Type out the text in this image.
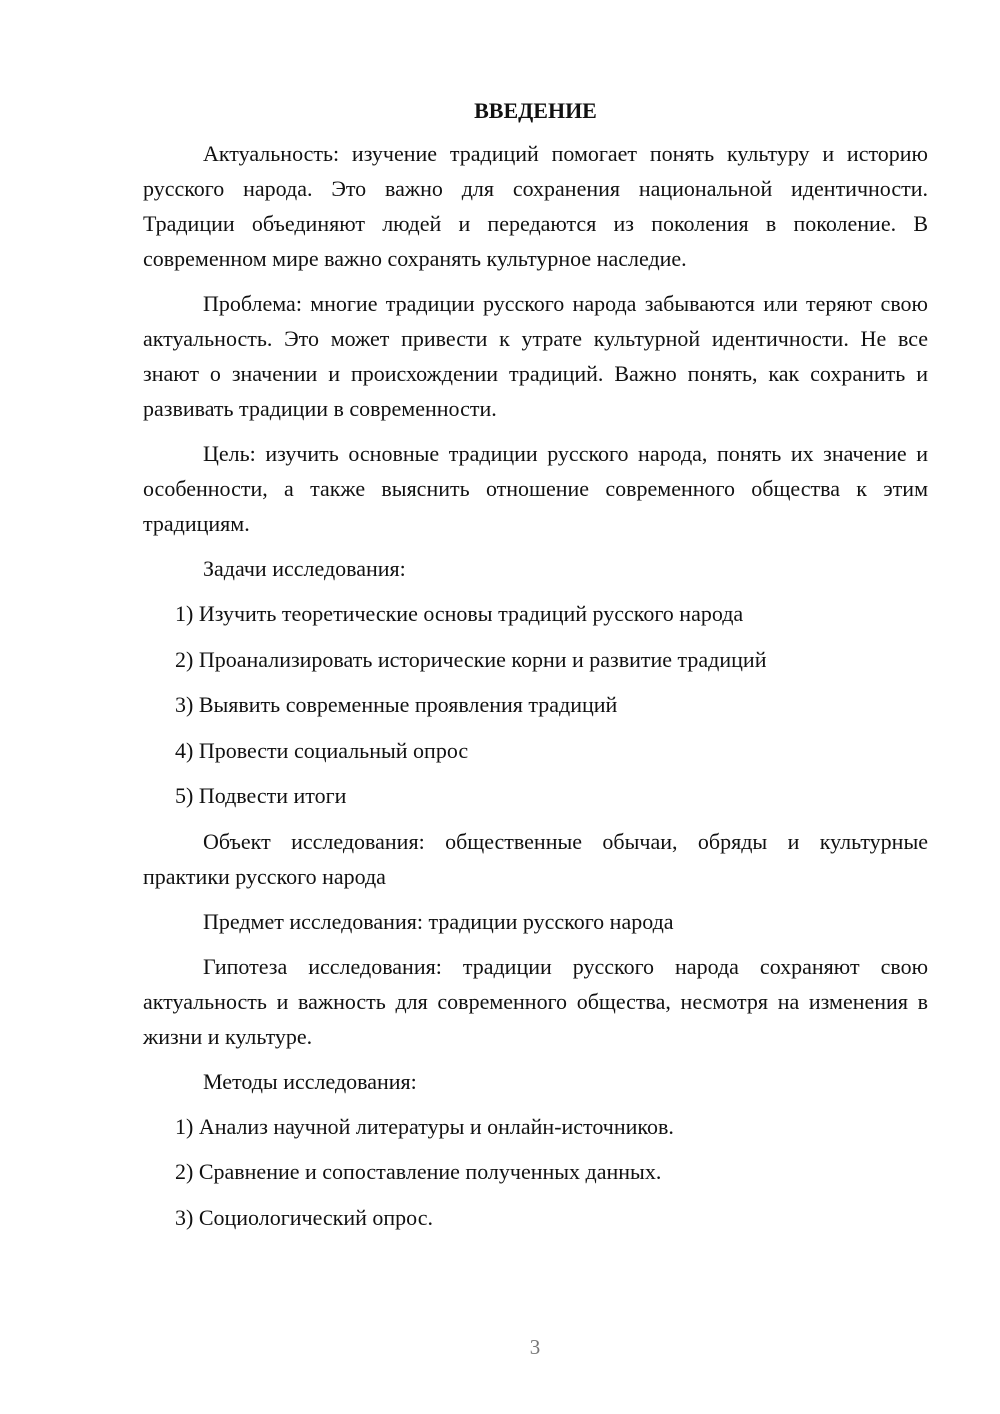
ВВЕДЕНИЕ

Актуальность: изучение традиций помогает понять культуру и историю русского народа. Это важно для сохранения национальной идентичности. Традиции объединяют людей и передаются из поколения в поколение. В современном мире важно сохранять культурное наследие.

Проблема: многие традиции русского народа забываются или теряют свою актуальность. Это может привести к утрате культурной идентичности. Не все знают о значении и происхождении традиций. Важно понять, как сохранить и развивать традиции в современности.

Цель: изучить основные традиции русского народа, понять их значение и особенности, а также выяснить отношение современного общества к этим традициям.

Задачи исследования:

1) Изучить теоретические основы традиций русского народа
2) Проанализировать исторические корни и развитие традиций
3) Выявить современные проявления традиций
4) Провести социальный опрос
5) Подвести итоги

Объект исследования: общественные обычаи, обряды и культурные практики русского народа

Предмет исследования: традиции русского народа

Гипотеза исследования: традиции русского народа сохраняют свою актуальность и важность для современного общества, несмотря на изменения в жизни и культуре.

Методы исследования:

1) Анализ научной литературы и онлайн-источников.
2) Сравнение и сопоставление полученных данных.
3) Социологический опрос.
3
